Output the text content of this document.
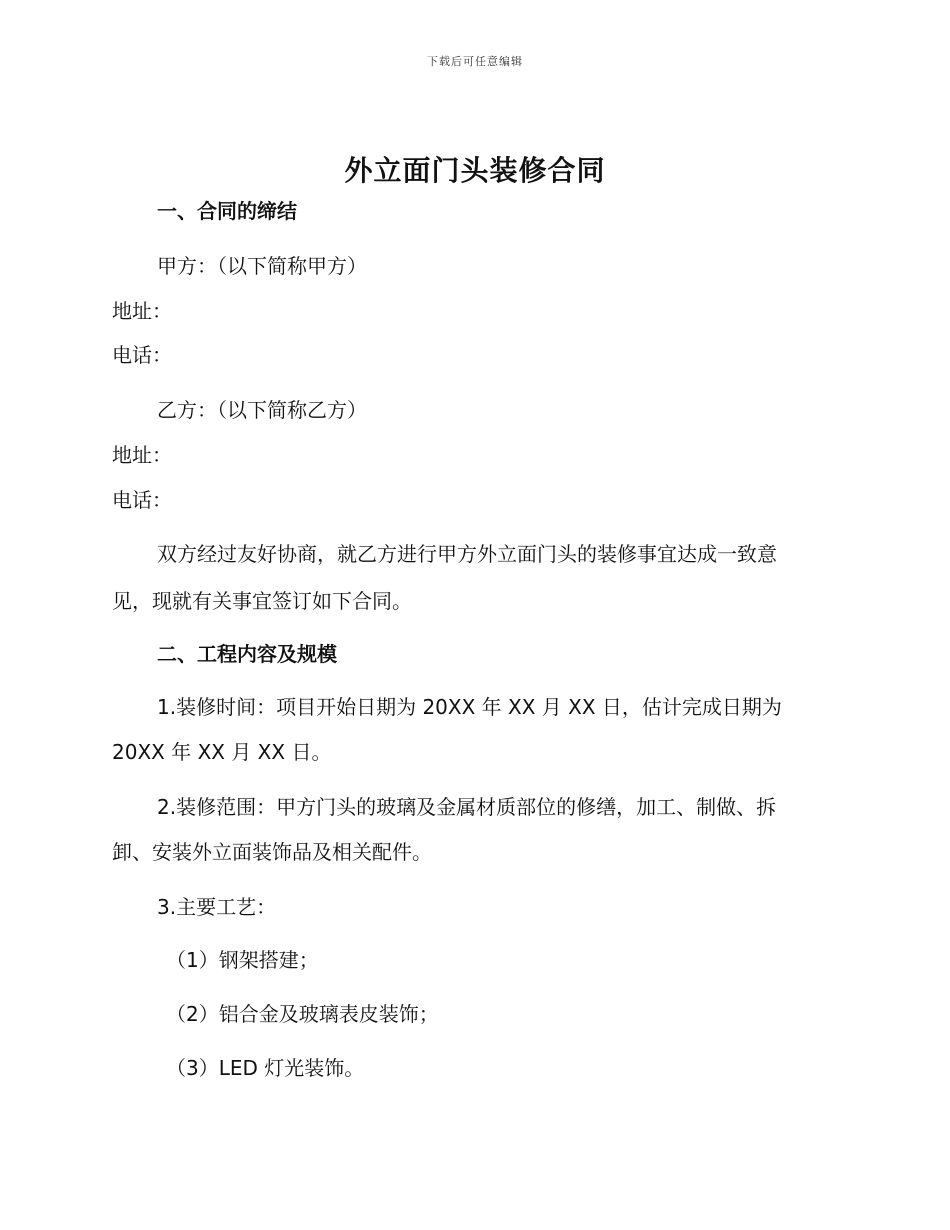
下载后可任意编辑
外立面门头装修合同

一、合同的缔结

甲方：（以下简称甲方）

地址：

电话：

乙方：（以下简称乙方）

地址：

电话：

双方经过友好协商，就乙方进行甲方外立面门头的装修事宜达成一致意

见，现就有关事宜签订如下合同。

二、工程内容及规模

1.装修时间：项目开始日期为 20XX 年 XX 月 XX 日，估计完成日期为

20XX 年 XX 月 XX 日。

2.装修范围：甲方门头的玻璃及金属材质部位的修缮，加工、制做、拆

卸、安装外立面装饰品及相关配件。

3.主要工艺：

（1）钢架搭建；

（2）铝合金及玻璃表皮装饰；

（3）LED 灯光装饰。
